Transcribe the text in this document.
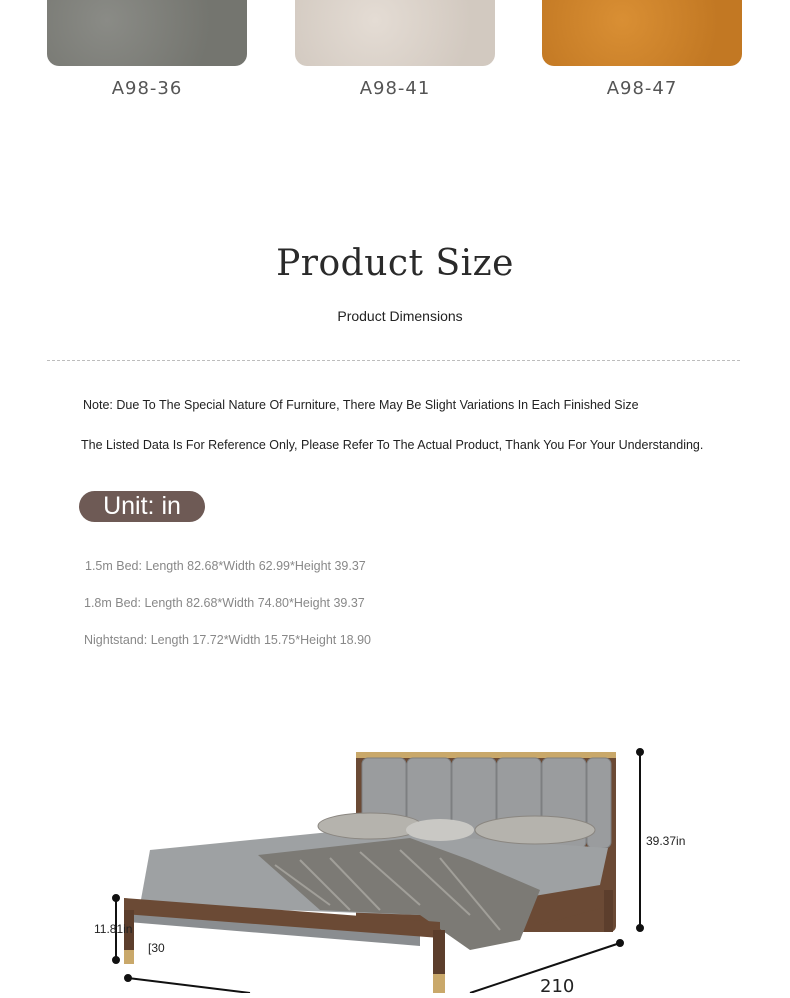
A98-36	A98-41	A98-47
Product Size
Product Dimensions
Note: Due To The Special Nature Of Furniture, There May Be Slight Variations In Each Finished Size
The Listed Data Is For Reference Only, Please Refer To The Actual Product, Thank You For Your Understanding.
Unit: in
1.5m Bed: Length 82.68*Width 62.99*Height 39.37
1.8m Bed: Length 82.68*Width 74.80*Height 39.37
Nightstand: Length 17.72*Width 15.75*Height 18.90
39.37in
11.81in
[30
210
